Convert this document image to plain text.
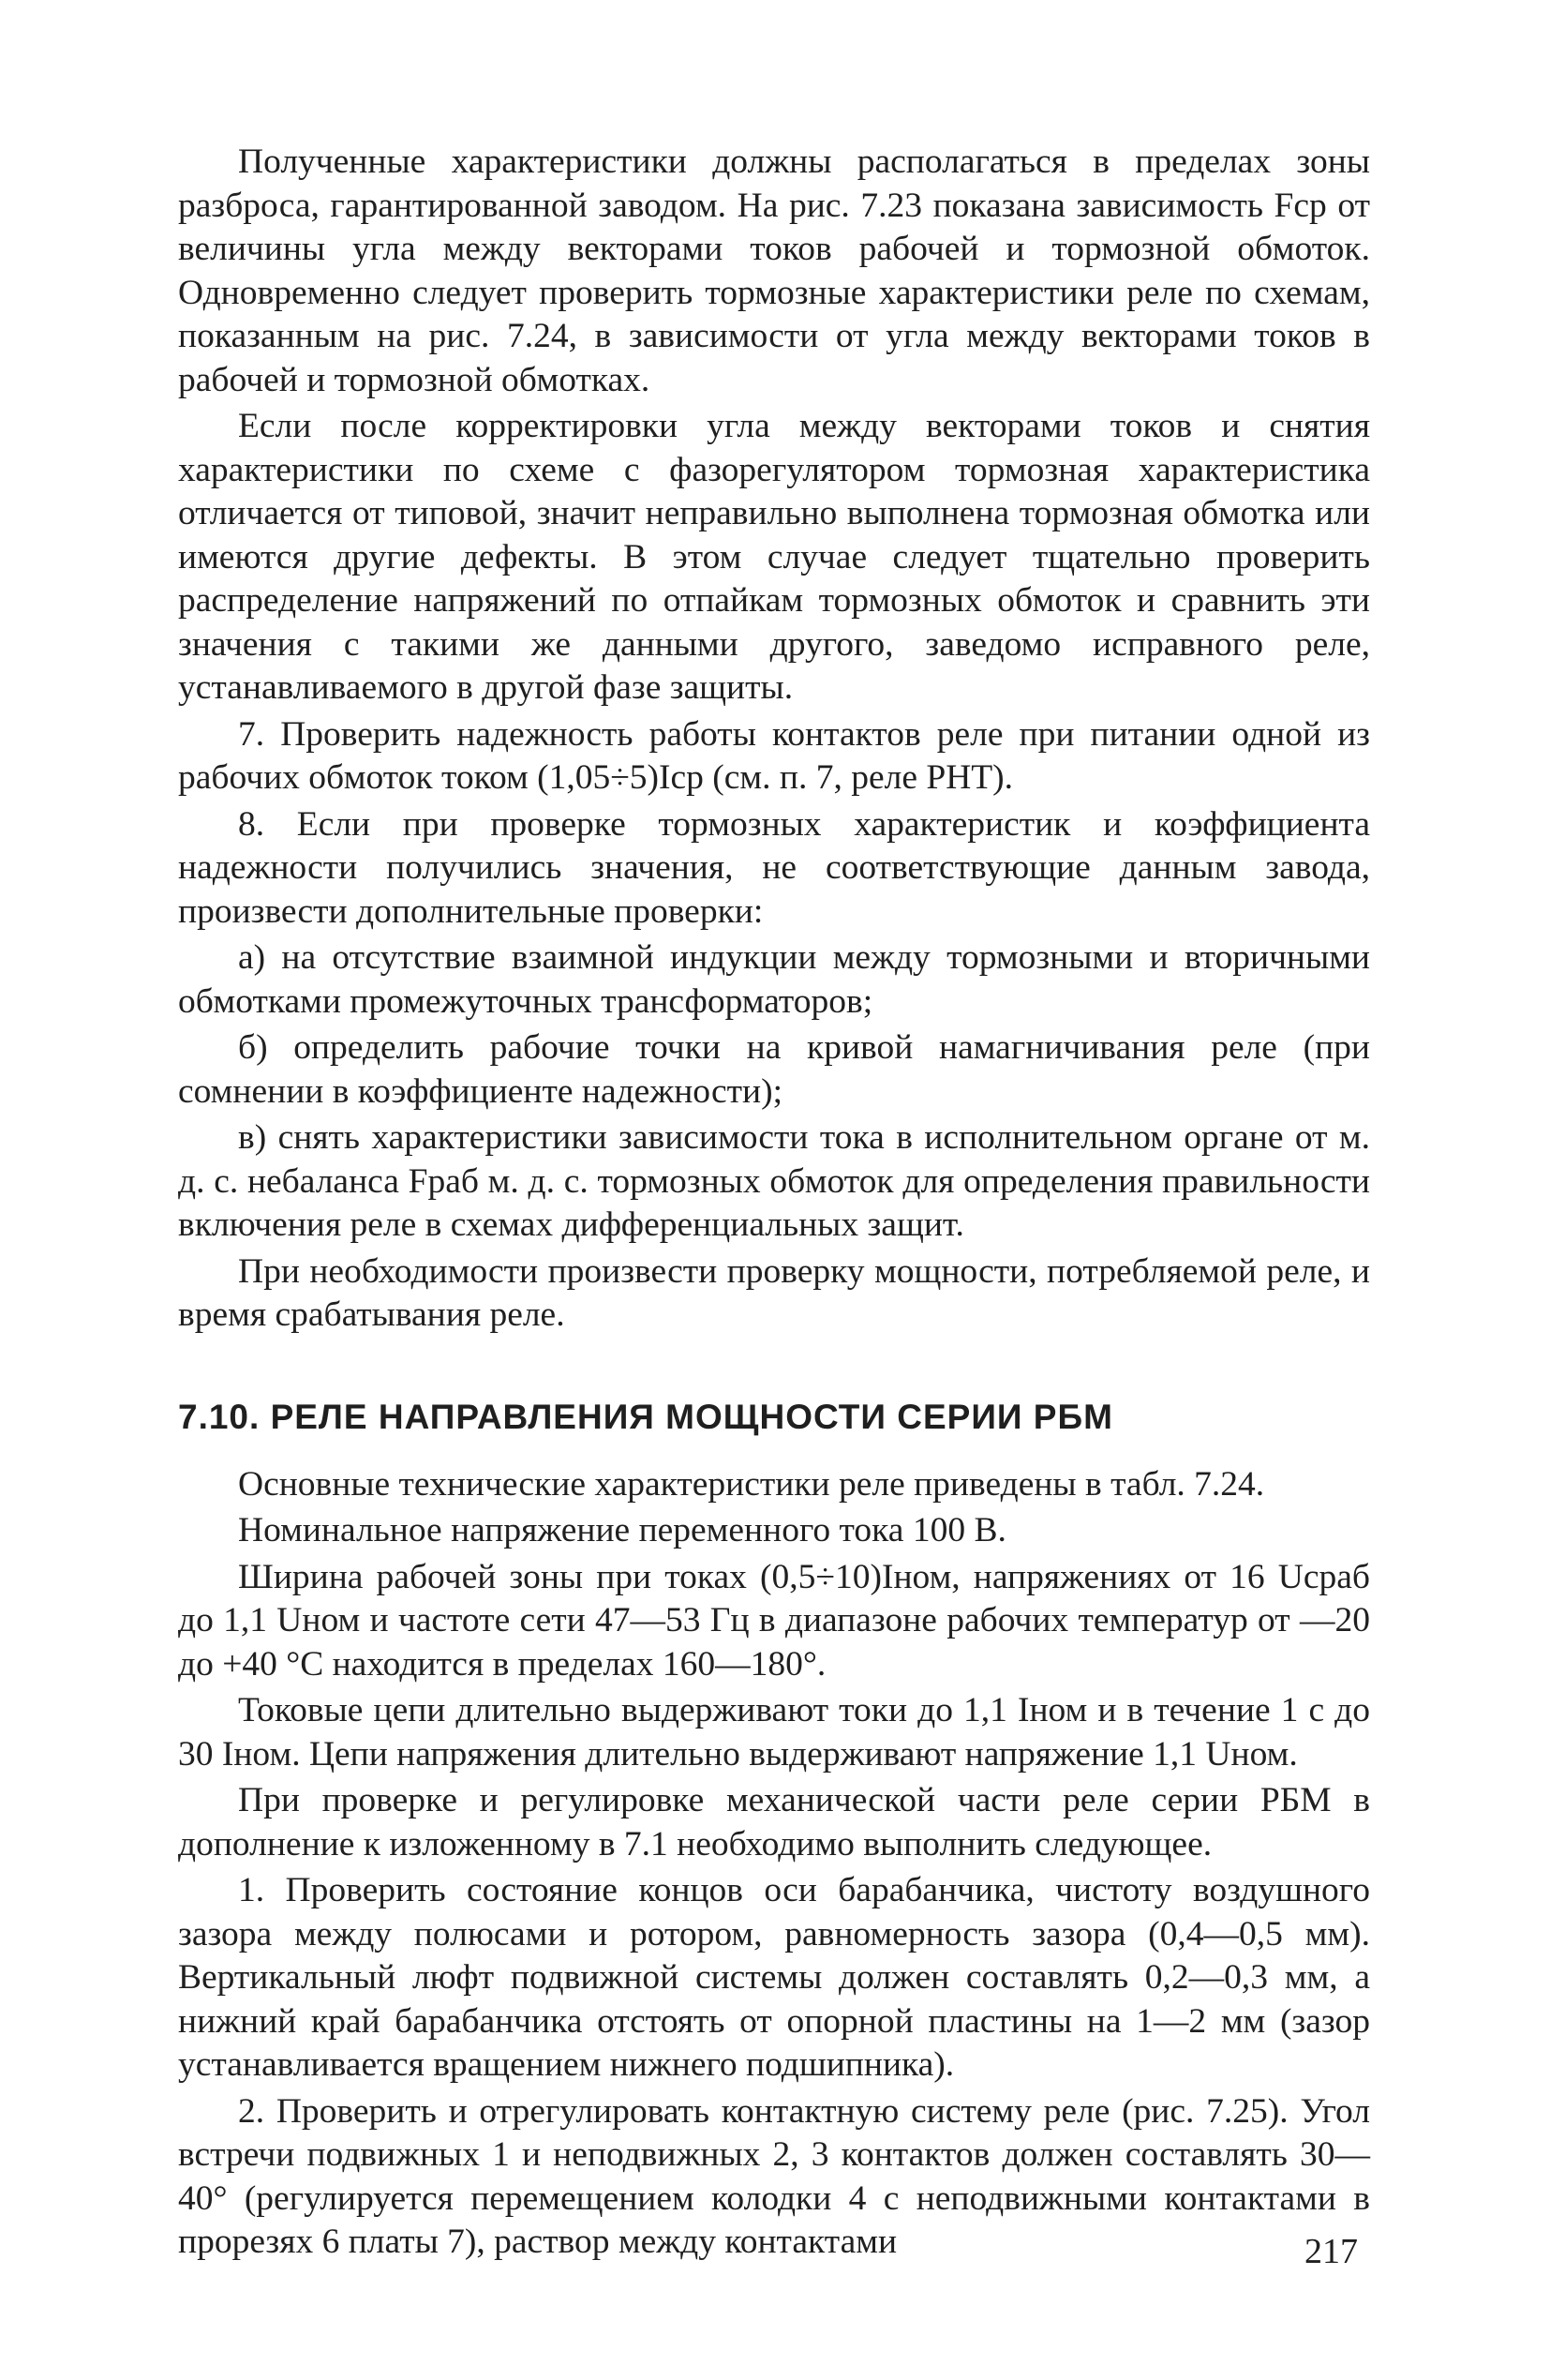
Полученные характеристики должны располагаться в пределах зоны разброса, гарантированной заводом. На рис. 7.23 показана зависимость Fср от величины угла между векторами токов рабочей и тормозной обмоток. Одновременно следует проверить тормозные характеристики реле по схемам, показанным на рис. 7.24, в зависимости от угла между векторами токов в рабочей и тормозной обмотках.

Если после корректировки угла между векторами токов и снятия характеристики по схеме с фазорегулятором тормозная характеристика отличается от типовой, значит неправильно выполнена тормозная обмотка или имеются другие дефекты. В этом случае следует тщательно проверить распределение напряжений по отпайкам тормозных обмоток и сравнить эти значения с такими же данными другого, заведомо исправного реле, устанавливаемого в другой фазе защиты.

7. Проверить надежность работы контактов реле при питании одной из рабочих обмоток током (1,05÷5)Iср (см. п. 7, реле РНТ).

8. Если при проверке тормозных характеристик и коэффициента надежности получились значения, не соответствующие данным завода, произвести дополнительные проверки:

а) на отсутствие взаимной индукции между тормозными и вторичными обмотками промежуточных трансформаторов;

б) определить рабочие точки на кривой намагничивания реле (при сомнении в коэффициенте надежности);

в) снять характеристики зависимости тока в исполнительном органе от м. д. с. небаланса Fраб м. д. с. тормозных обмоток для определения правильности включения реле в схемах дифференциальных защит.

При необходимости произвести проверку мощности, потребляемой реле, и время срабатывания реле.

7.10. РЕЛЕ НАПРАВЛЕНИЯ МОЩНОСТИ СЕРИИ РБМ

Основные технические характеристики реле приведены в табл. 7.24.

Номинальное напряжение переменного тока 100 В.

Ширина рабочей зоны при токах (0,5÷10)Iном, напряжениях от 16 Uсраб до 1,1 Uном и частоте сети 47—53 Гц в диапазоне рабочих температур от —20 до +40 °С находится в пределах 160—180°.

Токовые цепи длительно выдерживают токи до 1,1 Iном и в течение 1 с до 30 Iном. Цепи напряжения длительно выдерживают напряжение 1,1 Uном.

При проверке и регулировке механической части реле серии РБМ в дополнение к изложенному в 7.1 необходимо выполнить следующее.

1. Проверить состояние концов оси барабанчика, чистоту воздушного зазора между полюсами и ротором, равномерность зазора (0,4—0,5 мм). Вертикальный люфт подвижной системы должен составлять 0,2—0,3 мм, а нижний край барабанчика отстоять от опорной пластины на 1—2 мм (зазор устанавливается вращением нижнего подшипника).

2. Проверить и отрегулировать контактную систему реле (рис. 7.25). Угол встречи подвижных 1 и неподвижных 2, 3 контактов должен составлять 30—40° (регулируется перемещением колодки 4 с неподвижными контактами в прорезях 6 платы 7), раствор между контактами	217
